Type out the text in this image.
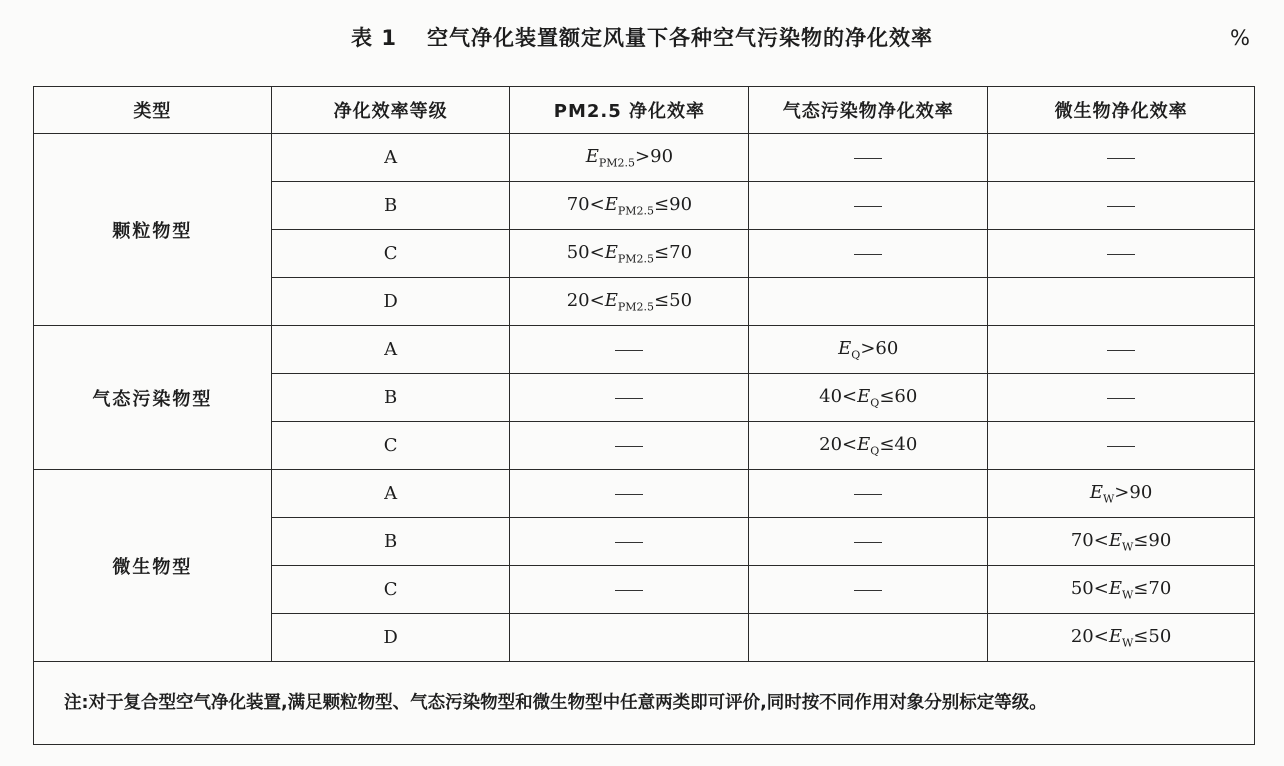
表 1 空气净化装置额定风量下各种空气污染物的净化效率	%
类型	净化效率等级	PM2.5 净化效率	气态污染物净化效率	微生物净化效率
颗粒物型	A	$E_{PM2.5}>90$		
	B	$70<E_{PM2.5}\le 90$		
	C	$50<E_{PM2.5}\le 70$		
	D	$20<E_{PM2.5}\le 50$		
气态污染物型	A		$E_Q>60$	
	B		$40<E_Q\le 60$	
	C		$20<E_Q\le 40$	
微生物型	A			$E_W>90$
	B			$70<E_W\le 90$
	C			$50<E_W\le 70$
	D			$20<E_W\le 50$
注:对于复合型空气净化装置,满足颗粒物型、气态污染物型和微生物型中任意两类即可评价,同时按不同作用对象分别标定等级。				
